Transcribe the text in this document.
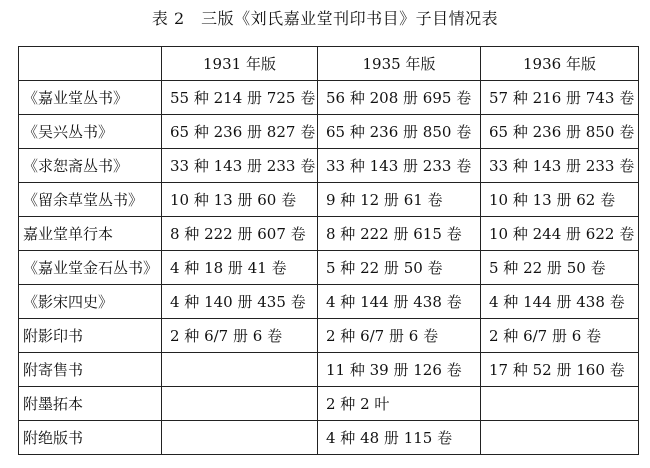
表 2　三版《刘氏嘉业堂刊印书目》子目情况表
	1931 年版	1935 年版	1936 年版
《嘉业堂丛书》	55 种 214 册 725 卷	56 种 208 册 695 卷	57 种 216 册 743 卷
《吴兴丛书》	65 种 236 册 827 卷	65 种 236 册 850 卷	65 种 236 册 850 卷
《求恕斋丛书》	33 种 143 册 233 卷	33 种 143 册 233 卷	33 种 143 册 233 卷
《留余草堂丛书》	10 种 13 册 60 卷	9 种 12 册 61 卷	10 种 13 册 62 卷
嘉业堂单行本	8 种 222 册 607 卷	8 种 222 册 615 卷	10 种 244 册 622 卷
《嘉业堂金石丛书》	4 种 18 册 41 卷	5 种 22 册 50 卷	5 种 22 册 50 卷
《影宋四史》	4 种 140 册 435 卷	4 种 144 册 438 卷	4 种 144 册 438 卷
附影印书	2 种 6/7 册 6 卷	2 种 6/7 册 6 卷	2 种 6/7 册 6 卷
附寄售书		11 种 39 册 126 卷	17 种 52 册 160 卷
附墨拓本		2 种 2 叶	
附绝版书		4 种 48 册 115 卷	
